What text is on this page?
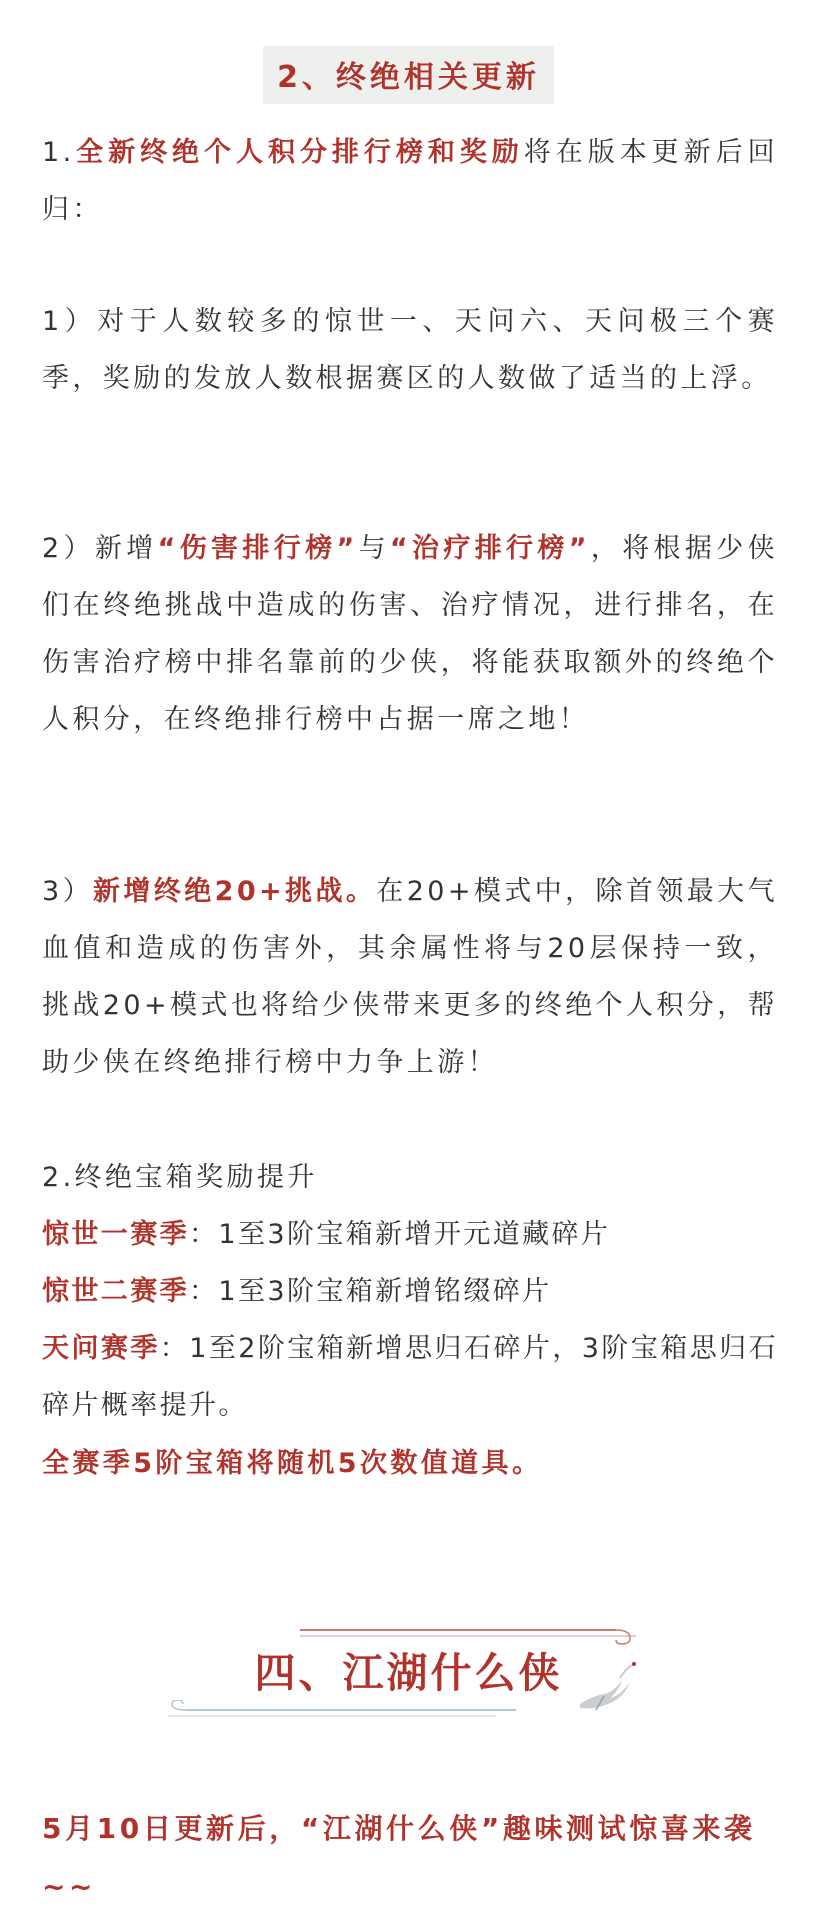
2、终绝相关更新

1.全新终绝个人积分排行榜和奖励将在版本更新后回归：

1）对于人数较多的惊世一、天问六、天问极三个赛季，奖励的发放人数根据赛区的人数做了适当的上浮。

2）新增“伤害排行榜”与“治疗排行榜”，将根据少侠们在终绝挑战中造成的伤害、治疗情况，进行排名，在伤害治疗榜中排名靠前的少侠，将能获取额外的终绝个人积分，在终绝排行榜中占据一席之地！

3）新增终绝20+挑战。在20+模式中，除首领最大气血值和造成的伤害外，其余属性将与20层保持一致，挑战20+模式也将给少侠带来更多的终绝个人积分，帮助少侠在终绝排行榜中力争上游！

2.终绝宝箱奖励提升

惊世一赛季：1至3阶宝箱新增开元道藏碎片

惊世二赛季：1至3阶宝箱新增铭缀碎片

天问赛季：1至2阶宝箱新增思归石碎片，3阶宝箱思归石碎片概率提升。

全赛季5阶宝箱将随机5次数值道具。

四、江湖什么侠

5月10日更新后，“江湖什么侠”趣味测试惊喜来袭~~
